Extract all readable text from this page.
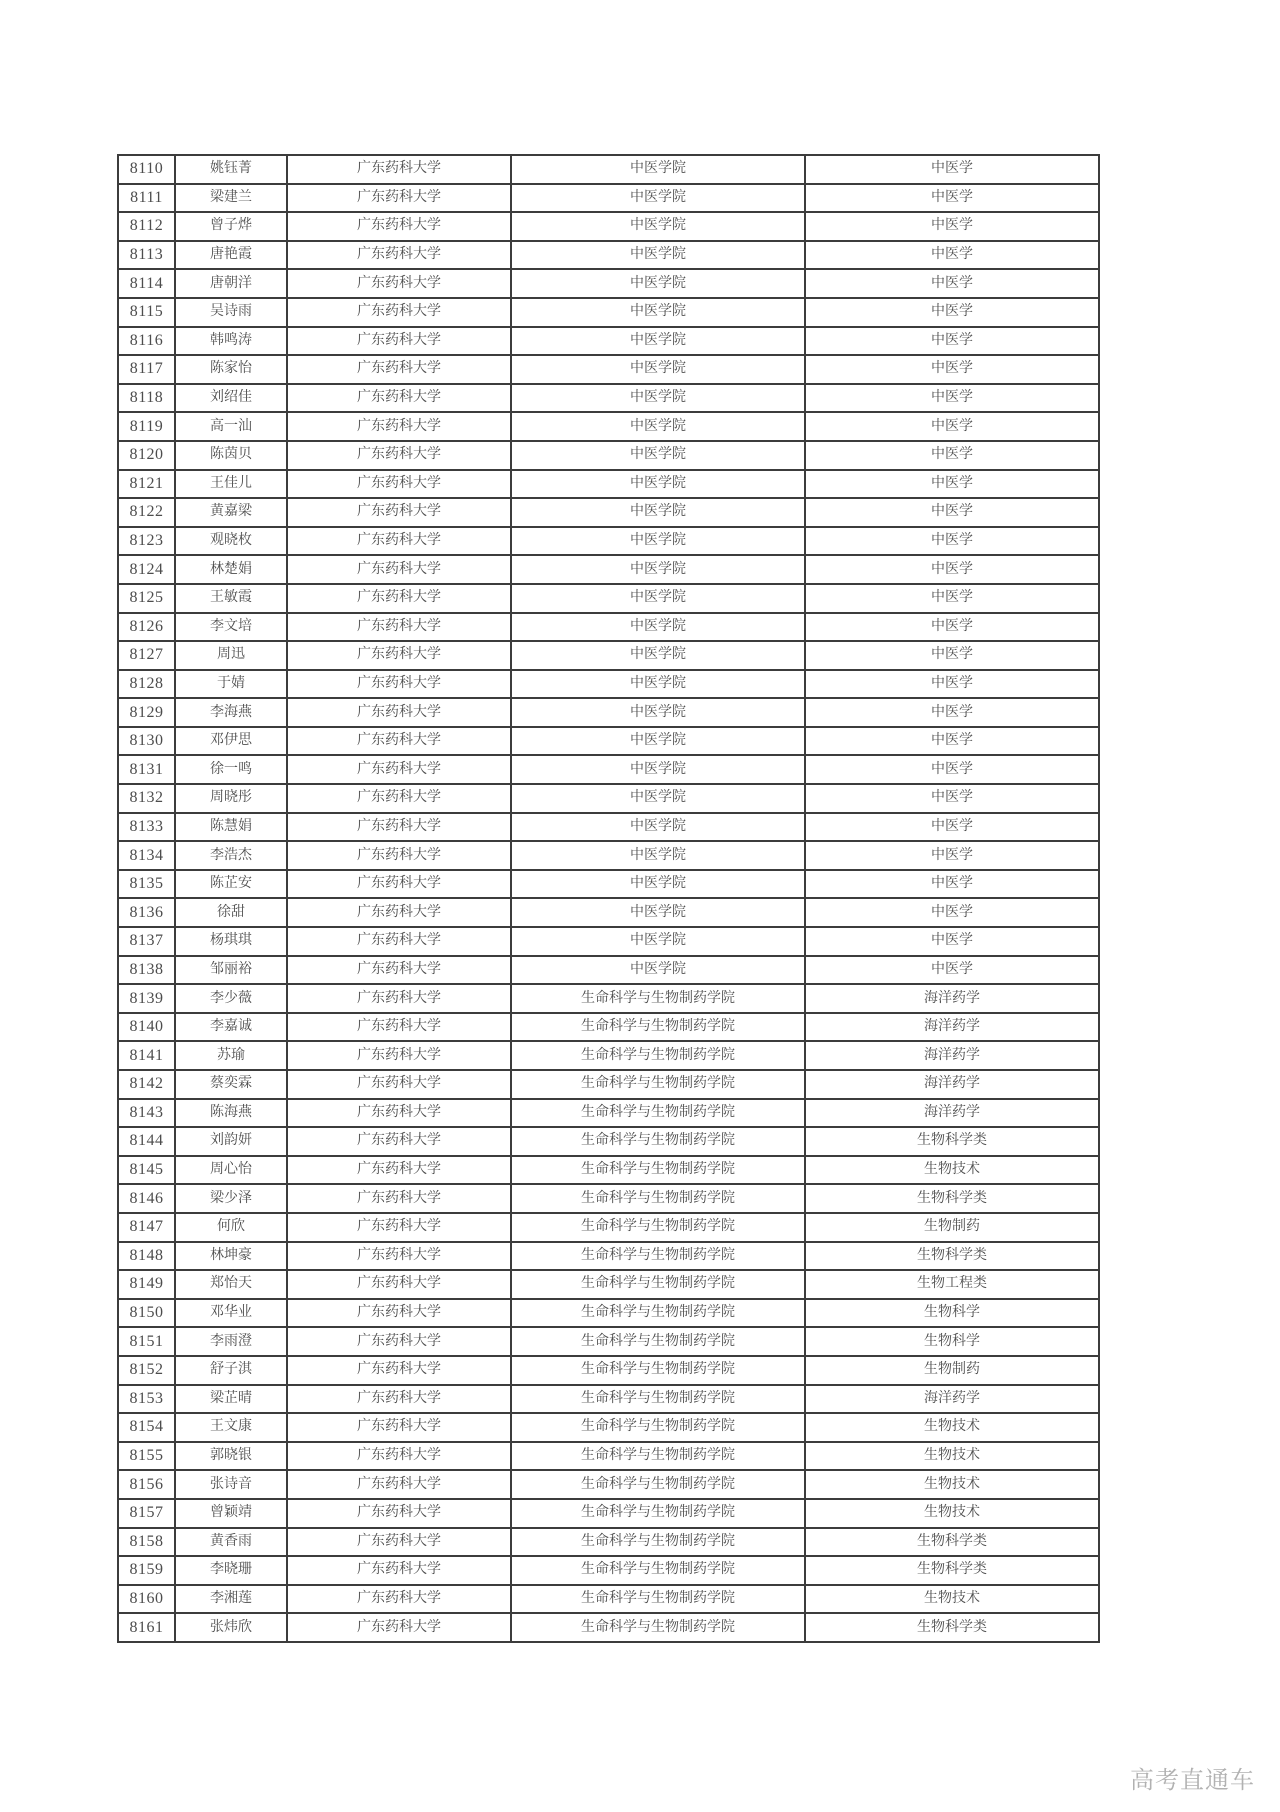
8110	姚钰菁	广东药科大学	中医学院	中医学
8111	梁建兰	广东药科大学	中医学院	中医学
8112	曾子烨	广东药科大学	中医学院	中医学
8113	唐艳霞	广东药科大学	中医学院	中医学
8114	唐朝洋	广东药科大学	中医学院	中医学
8115	吴诗雨	广东药科大学	中医学院	中医学
8116	韩鸣涛	广东药科大学	中医学院	中医学
8117	陈家怡	广东药科大学	中医学院	中医学
8118	刘绍佳	广东药科大学	中医学院	中医学
8119	高一汕	广东药科大学	中医学院	中医学
8120	陈茵贝	广东药科大学	中医学院	中医学
8121	王佳儿	广东药科大学	中医学院	中医学
8122	黄嘉梁	广东药科大学	中医学院	中医学
8123	观晓枚	广东药科大学	中医学院	中医学
8124	林楚娟	广东药科大学	中医学院	中医学
8125	王敏霞	广东药科大学	中医学院	中医学
8126	李文培	广东药科大学	中医学院	中医学
8127	周迅	广东药科大学	中医学院	中医学
8128	于婧	广东药科大学	中医学院	中医学
8129	李海燕	广东药科大学	中医学院	中医学
8130	邓伊思	广东药科大学	中医学院	中医学
8131	徐一鸣	广东药科大学	中医学院	中医学
8132	周晓彤	广东药科大学	中医学院	中医学
8133	陈慧娟	广东药科大学	中医学院	中医学
8134	李浩杰	广东药科大学	中医学院	中医学
8135	陈芷安	广东药科大学	中医学院	中医学
8136	徐甜	广东药科大学	中医学院	中医学
8137	杨琪琪	广东药科大学	中医学院	中医学
8138	邹丽裕	广东药科大学	中医学院	中医学
8139	李少薇	广东药科大学	生命科学与生物制药学院	海洋药学
8140	李嘉诚	广东药科大学	生命科学与生物制药学院	海洋药学
8141	苏瑜	广东药科大学	生命科学与生物制药学院	海洋药学
8142	蔡奕霖	广东药科大学	生命科学与生物制药学院	海洋药学
8143	陈海燕	广东药科大学	生命科学与生物制药学院	海洋药学
8144	刘韵妍	广东药科大学	生命科学与生物制药学院	生物科学类
8145	周心怡	广东药科大学	生命科学与生物制药学院	生物技术
8146	梁少泽	广东药科大学	生命科学与生物制药学院	生物科学类
8147	何欣	广东药科大学	生命科学与生物制药学院	生物制药
8148	林坤豪	广东药科大学	生命科学与生物制药学院	生物科学类
8149	郑怡天	广东药科大学	生命科学与生物制药学院	生物工程类
8150	邓华业	广东药科大学	生命科学与生物制药学院	生物科学
8151	李雨澄	广东药科大学	生命科学与生物制药学院	生物科学
8152	舒子淇	广东药科大学	生命科学与生物制药学院	生物制药
8153	梁芷晴	广东药科大学	生命科学与生物制药学院	海洋药学
8154	王文康	广东药科大学	生命科学与生物制药学院	生物技术
8155	郭晓银	广东药科大学	生命科学与生物制药学院	生物技术
8156	张诗音	广东药科大学	生命科学与生物制药学院	生物技术
8157	曾颖靖	广东药科大学	生命科学与生物制药学院	生物技术
8158	黄香雨	广东药科大学	生命科学与生物制药学院	生物科学类
8159	李晓珊	广东药科大学	生命科学与生物制药学院	生物科学类
8160	李湘莲	广东药科大学	生命科学与生物制药学院	生物技术
8161	张炜欣	广东药科大学	生命科学与生物制药学院	生物科学类
高考直通车
